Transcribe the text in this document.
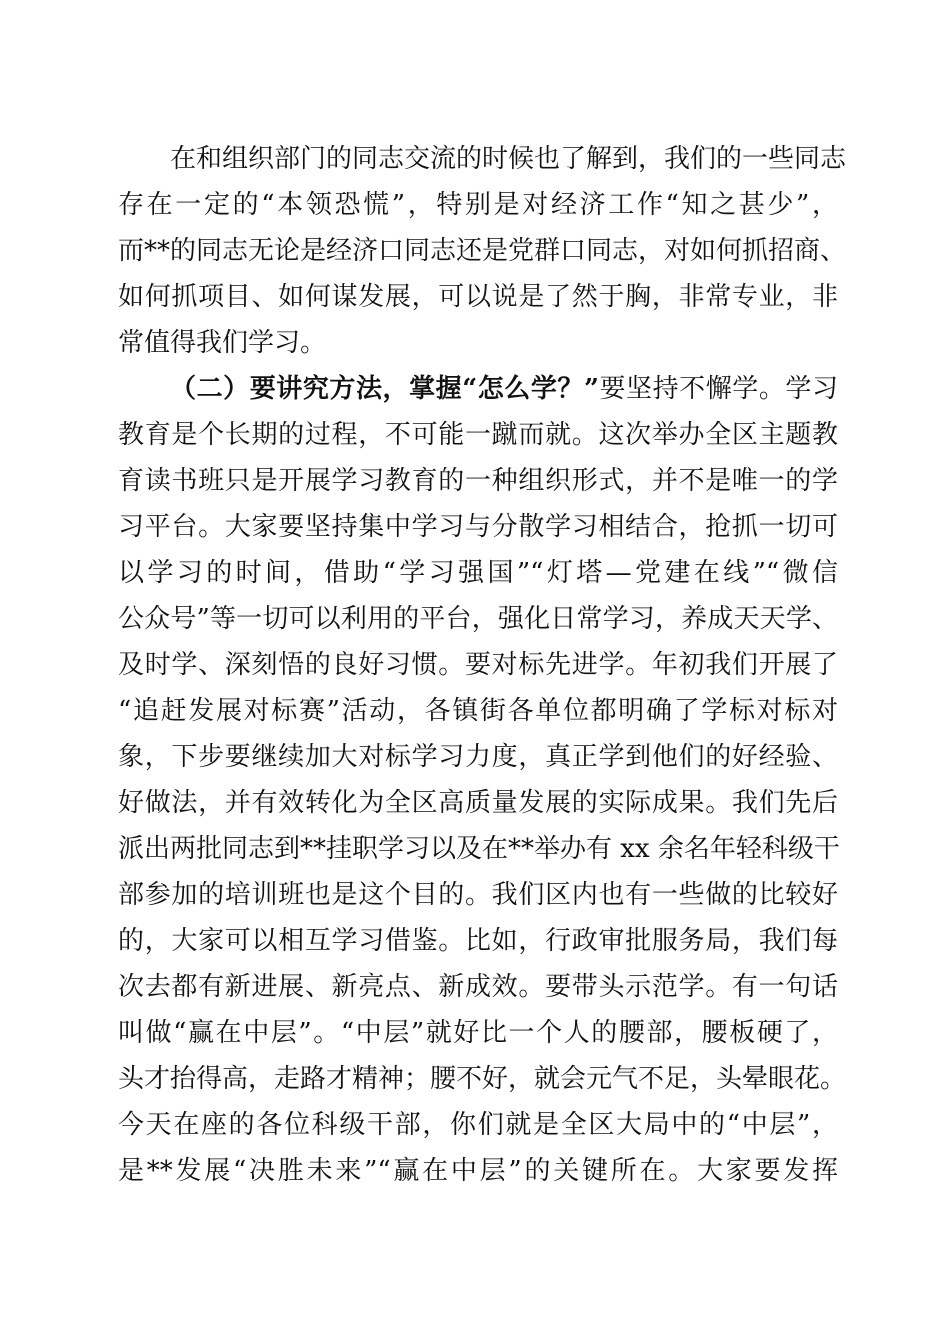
在和组织部门的同志交流的时候也了解到，我们的一些同志
存在一定的“本领恐慌”，特别是对经济工作“知之甚少”，
而**的同志无论是经济口同志还是党群口同志，对如何抓招商、
如何抓项目、如何谋发展，可以说是了然于胸，非常专业，非
常值得我们学习。
（二）要讲究方法，掌握“怎么学？”要坚持不懈学。学习
教育是个长期的过程，不可能一蹴而就。这次举办全区主题教
育读书班只是开展学习教育的一种组织形式，并不是唯一的学
习平台。大家要坚持集中学习与分散学习相结合，抢抓一切可
以学习的时间，借助“学习强国”“灯塔—党建在线”“微信
公众号”等一切可以利用的平台，强化日常学习，养成天天学、
及时学、深刻悟的良好习惯。要对标先进学。年初我们开展了
“追赶发展对标赛”活动，各镇街各单位都明确了学标对标对
象，下步要继续加大对标学习力度，真正学到他们的好经验、
好做法，并有效转化为全区高质量发展的实际成果。我们先后
派出两批同志到**挂职学习以及在**举办有 xx 余名年轻科级干
部参加的培训班也是这个目的。我们区内也有一些做的比较好
的，大家可以相互学习借鉴。比如，行政审批服务局，我们每
次去都有新进展、新亮点、新成效。要带头示范学。有一句话
叫做“赢在中层”。“中层”就好比一个人的腰部，腰板硬了，
头才抬得高，走路才精神；腰不好，就会元气不足，头晕眼花。
今天在座的各位科级干部，你们就是全区大局中的“中层”，
是**发展“决胜未来”“赢在中层”的关键所在。大家要发挥
